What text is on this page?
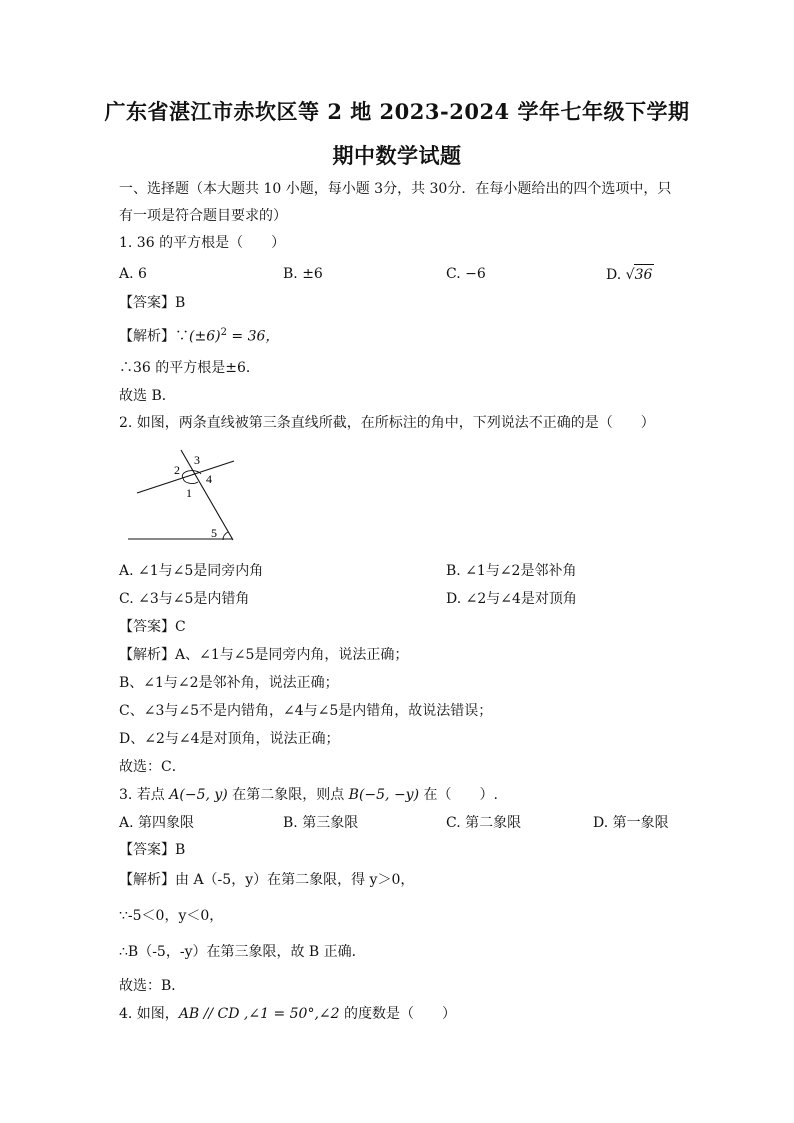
广东省湛江市赤坎区等 2 地 2023-2024 学年七年级下学期
期中数学试题
一、选择题（本大题共 10 小题，每小题 3分，共 30分．在每小题给出的四个选项中，只
有一项是符合题目要求的）
1. 36 的平方根是（　　）
A. 6	B. ±6	C. −6	D. √36
【答案】B
【解析】$\because(\pm 6)^2 = 36$，
∴36 的平方根是±6．
故选 B．
2. 如图，两条直线被第三条直线所截，在所标注的角中，下列说法不正确的是（　　）
2
3
4
1
5
A. ∠1与∠5是同旁内角	B. ∠1与∠2是邻补角
C. ∠3与∠5是内错角	D. ∠2与∠4是对顶角
【答案】C
【解析】A、∠1与∠5是同旁内角，说法正确；
B、∠1与∠2是邻补角，说法正确；
C、∠3与∠5不是内错角，∠4与∠5是内错角，故说法错误；
D、∠2与∠4是对顶角，说法正确；
故选：C．
3. 若点 A(−5, y) 在第二象限，则点 B(−5, −y) 在（　　）.
A. 第四象限	B. 第三象限	C. 第二象限	D. 第一象限
【答案】B
【解析】由 A（-5，y）在第二象限，得 y＞0，
∵-5＜0，y＜0，
∴B（-5，-y）在第三象限，故 B 正确．
故选：B．
4. 如图，AB // CD ,∠1 = 50°,∠2 的度数是（　　）
